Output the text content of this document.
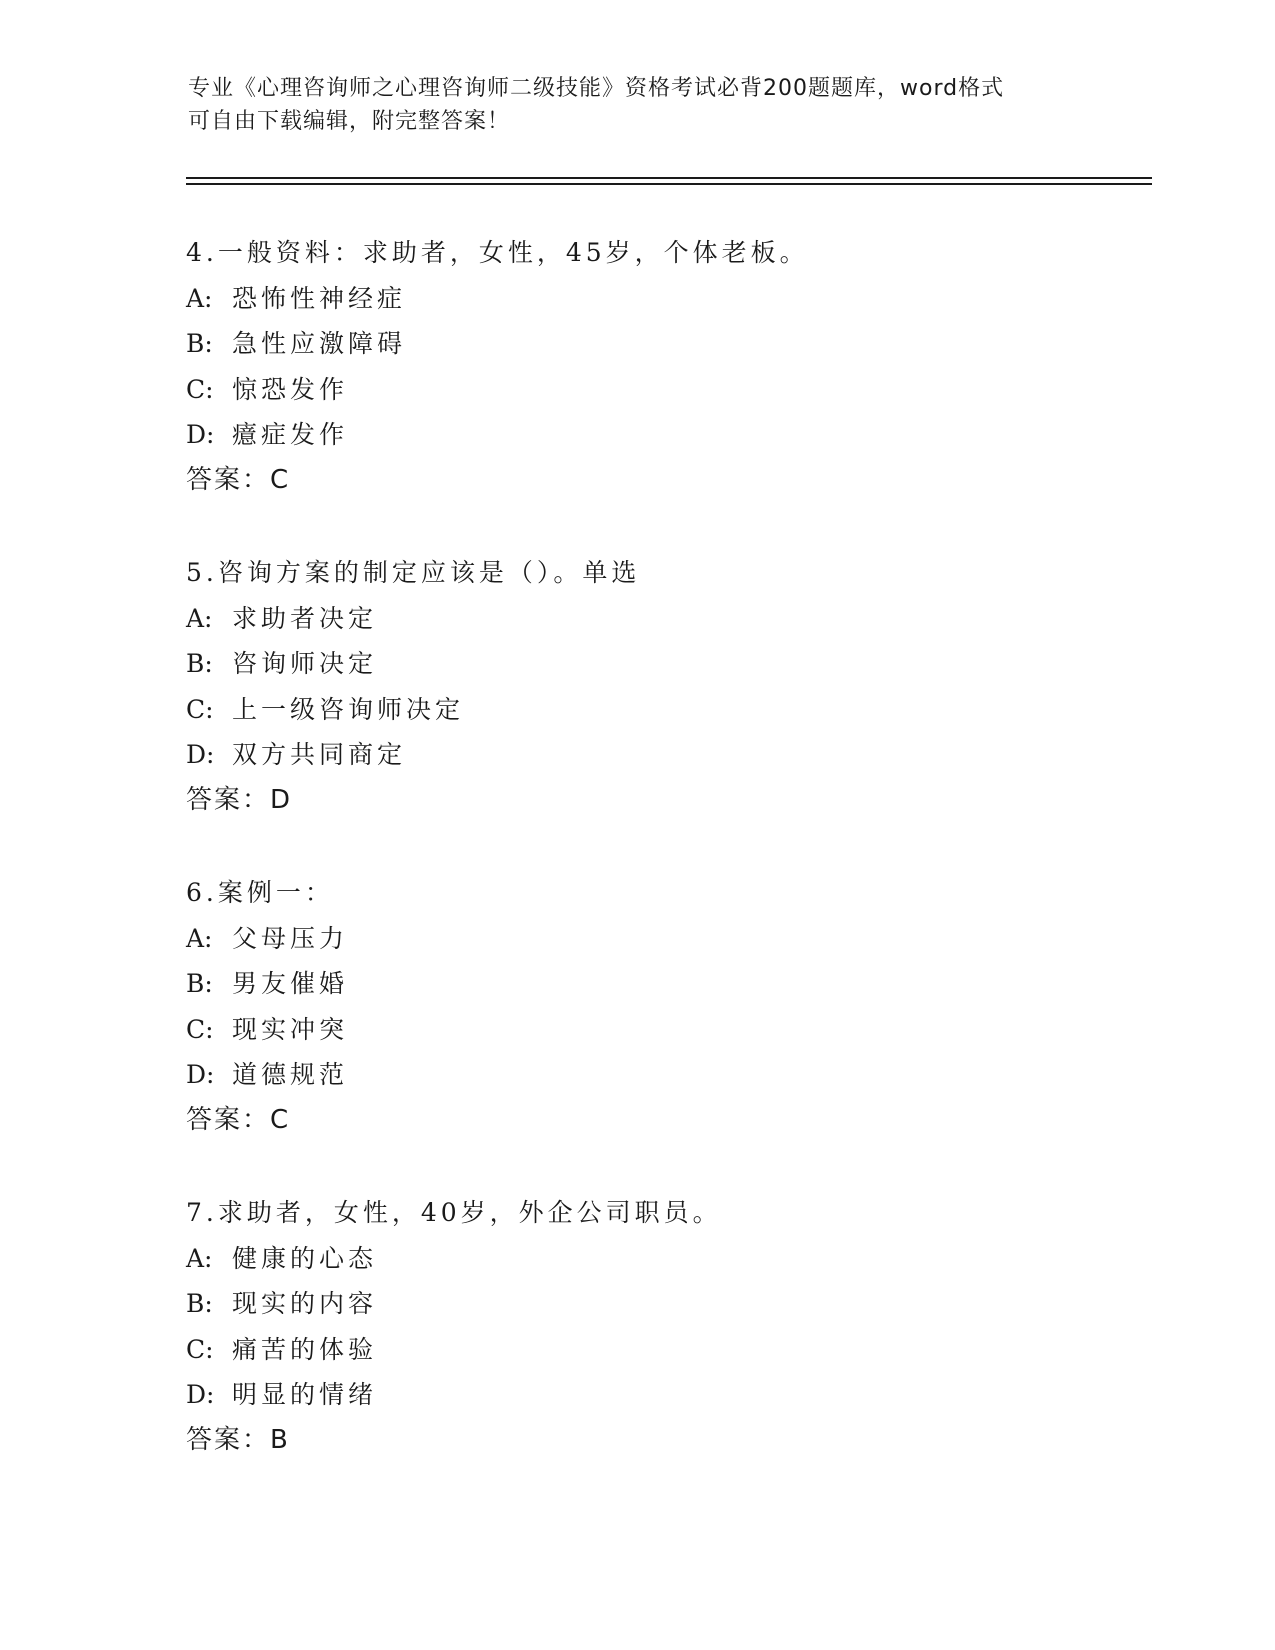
专业《心理咨询师之心理咨询师二级技能》资格考试必背200题题库，word格式
可自由下载编辑，附完整答案！
4.一般资料：求助者，女性，45岁，个体老板。
A: 恐怖性神经症
B: 急性应激障碍
C: 惊恐发作
D: 癔症发作
答案：C
5.咨询方案的制定应该是（）。单选
A: 求助者决定
B: 咨询师决定
C: 上一级咨询师决定
D: 双方共同商定
答案：D
6.案例一：
A: 父母压力
B: 男友催婚
C: 现实冲突
D: 道德规范
答案：C
7.求助者，女性，40岁，外企公司职员。
A: 健康的心态
B: 现实的内容
C: 痛苦的体验
D: 明显的情绪
答案：B
